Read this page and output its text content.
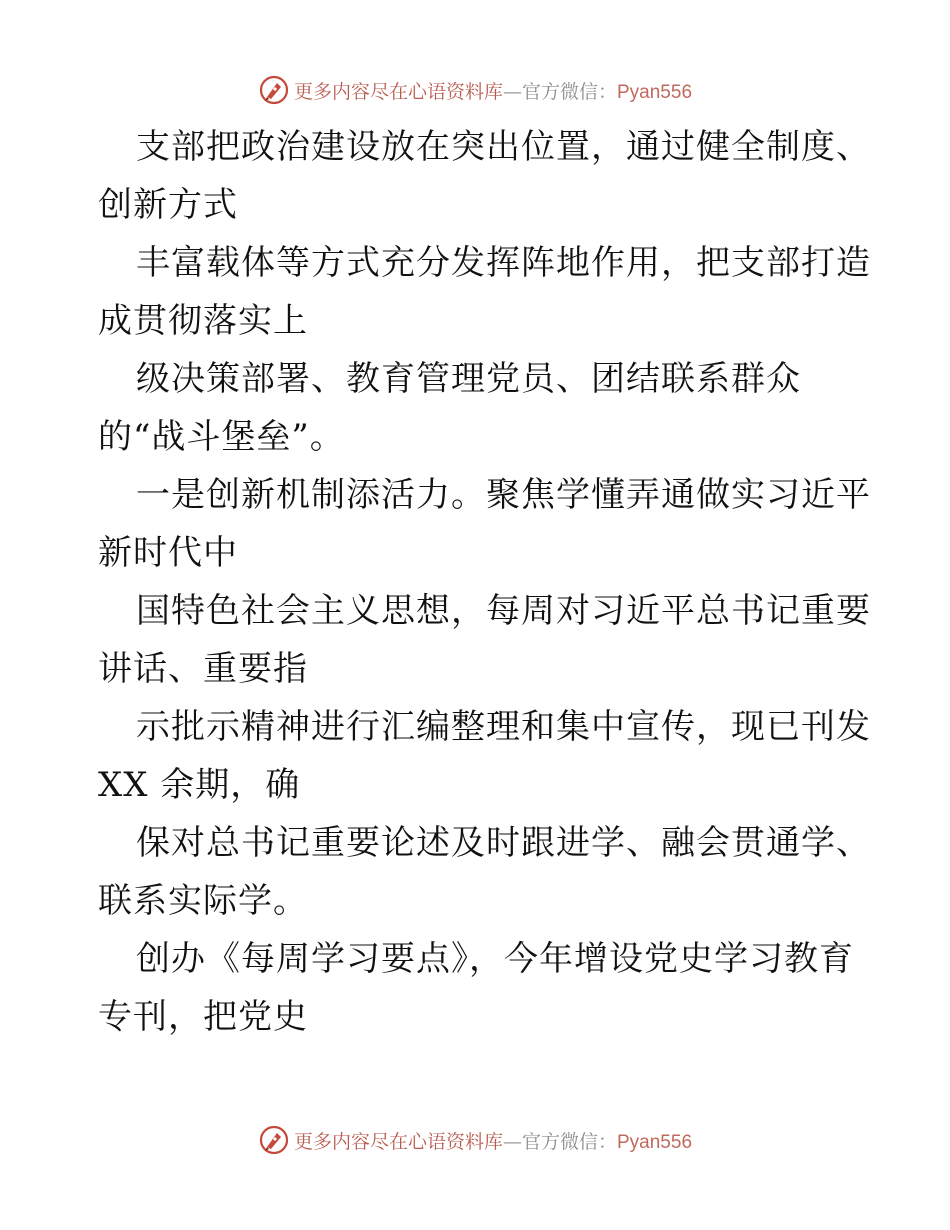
更多内容尽在心语资料库—官方微信：Pyan556
支部把政治建设放在突出位置，通过健全制度、
创新方式
丰富载体等方式充分发挥阵地作用，把支部打造
成贯彻落实上
级决策部署、教育管理党员、团结联系群众
的“战斗堡垒”。
一是创新机制添活力。聚焦学懂弄通做实习近平
新时代中
国特色社会主义思想，每周对习近平总书记重要
讲话、重要指
示批示精神进行汇编整理和集中宣传，现已刊发
XX 余期，确
保对总书记重要论述及时跟进学、融会贯通学、
联系实际学。
创办《每周学习要点》，今年增设党史学习教育
专刊，把党史
更多内容尽在心语资料库—官方微信：Pyan556
